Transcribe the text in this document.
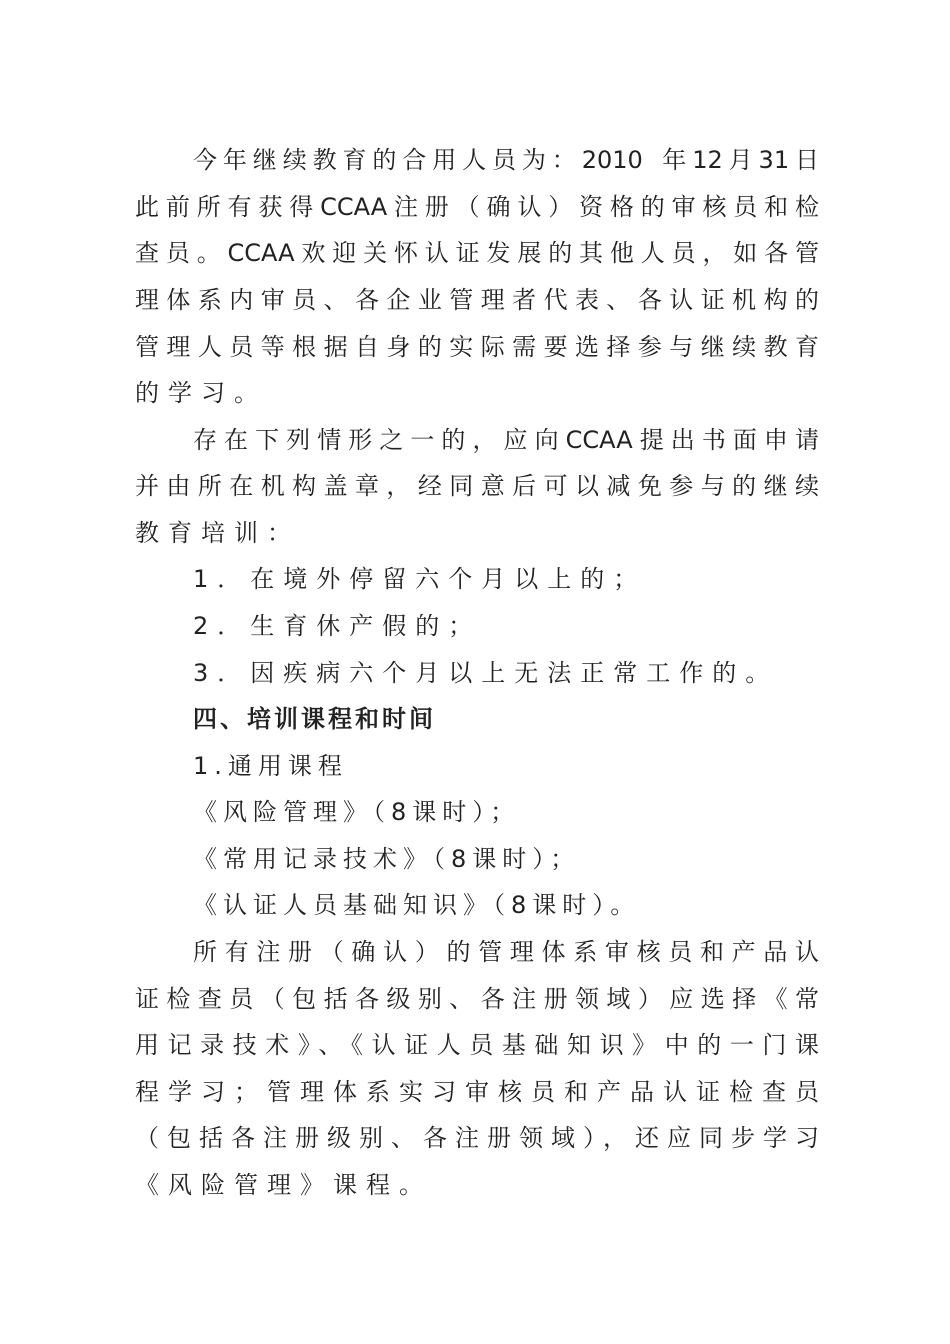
今年继续教育的合用人员为：2010 年12月31日
此前所有获得CCAA注册（确认）资格的审核员和检
查员。CCAA欢迎关怀认证发展的其他人员，如各管
理体系内审员、各企业管理者代表、各认证机构的
管理人员等根据自身的实际需要选择参与继续教育
的学习。
存在下列情形之一的，应向CCAA提出书面申请
并由所在机构盖章，经同意后可以减免参与的继续
教育培训：
1．在境外停留六个月以上的；
2．生育休产假的；
3．因疾病六个月以上无法正常工作的。
四、培训课程和时间
1.通用课程
《风险管理》（8课时）；
《常用记录技术》（8课时）；
《认证人员基础知识》（8课时）。
所有注册（确认）的管理体系审核员和产品认
证检查员（包括各级别、各注册领域）应选择《常
用记录技术》、《认证人员基础知识》中的一门课
程学习；管理体系实习审核员和产品认证检查员
（包括各注册级别、各注册领域），还应同步学习
《风险管理》课程。
